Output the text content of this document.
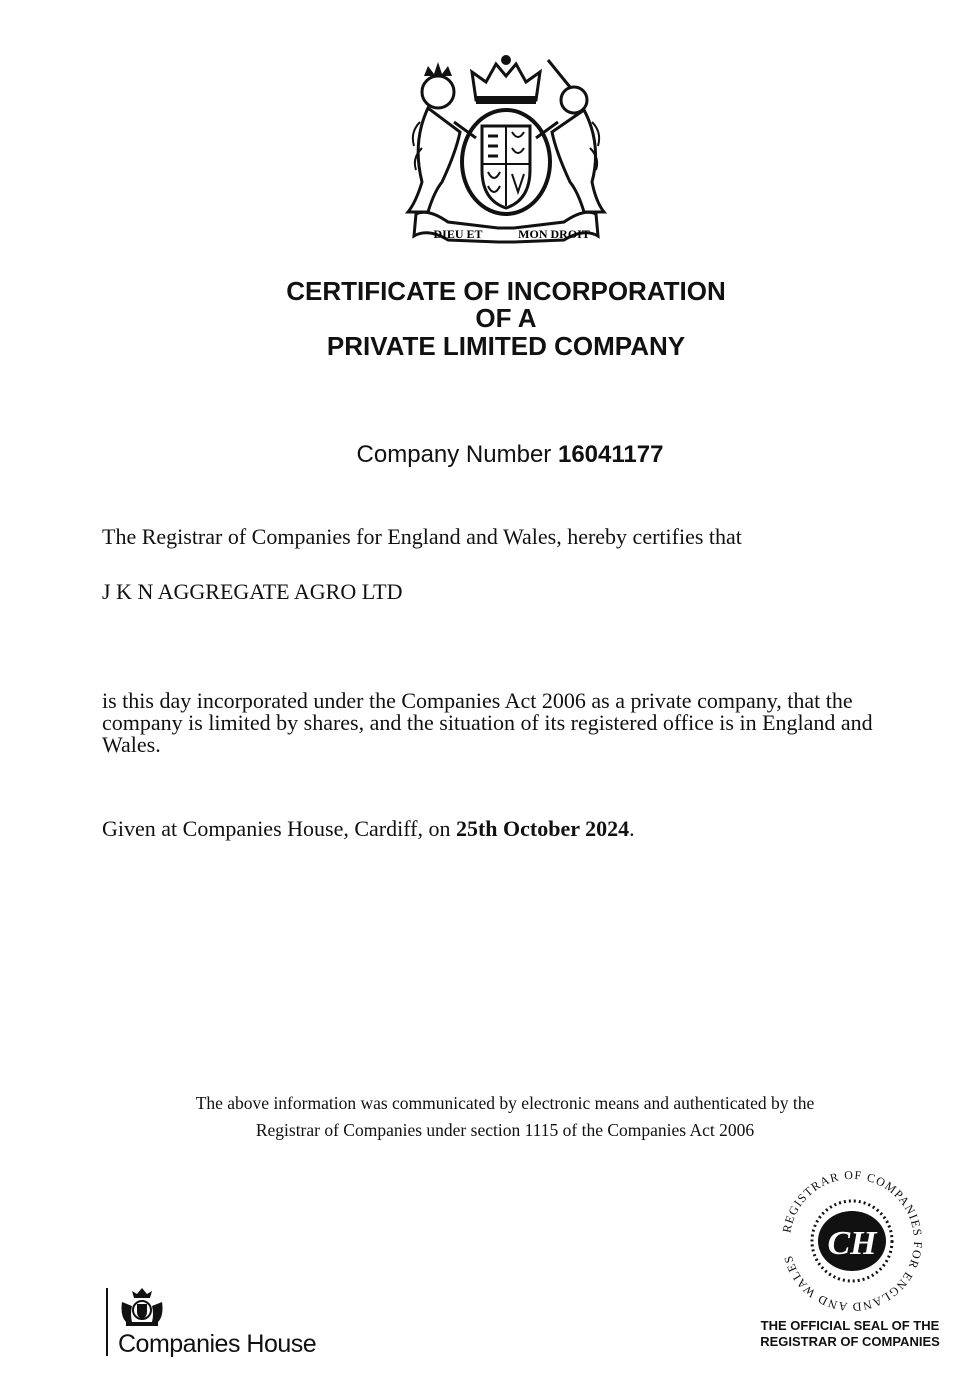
DIEU ET	MON DROIT
CERTIFICATE OF INCORPORATION
OF A
PRIVATE LIMITED COMPANY
Company Number 16041177
The Registrar of Companies for England and Wales, hereby certifies that
J K N AGGREGATE AGRO LTD
is this day incorporated under the Companies Act 2006 as a private company, that the company is limited by shares, and the situation of its registered office is in England and Wales.
Given at Companies House, Cardiff, on 25th October 2024.
The above information was communicated by electronic means and authenticated by the
Registrar of Companies under section 1115 of the Companies Act 2006
Companies House
REGISTRAR OF COMPANIES FOR ENGLAND AND WALES CH
THE OFFICIAL SEAL OF THE
REGISTRAR OF COMPANIES
